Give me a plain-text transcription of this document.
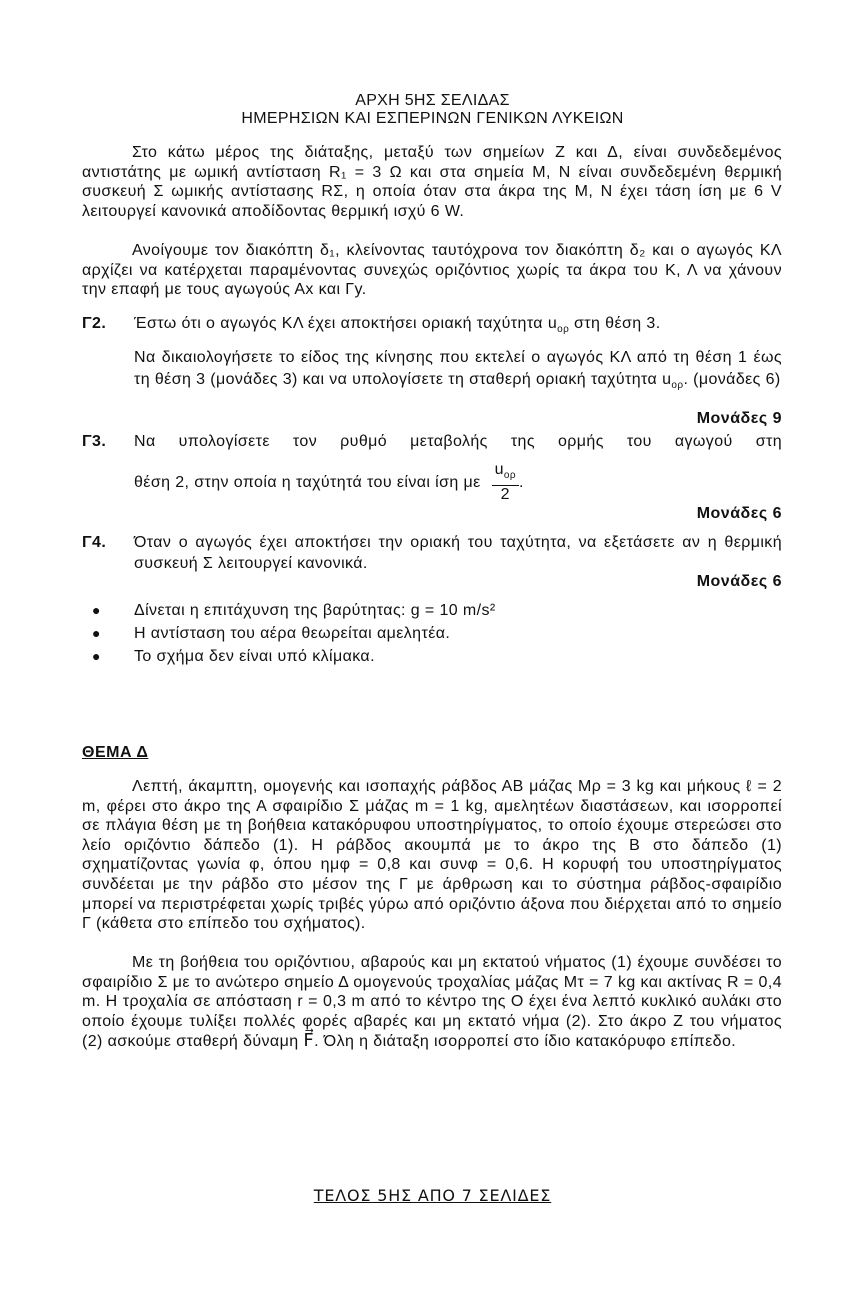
ΑΡΧΗ 5ΗΣ ΣΕΛΙΔΑΣ
ΗΜΕΡΗΣΙΩΝ ΚΑΙ ΕΣΠΕΡΙΝΩΝ ΓΕΝΙΚΩΝ ΛΥΚΕΙΩΝ
Στο κάτω μέρος της διάταξης, μεταξύ των σημείων Ζ και Δ, είναι συνδεδεμένος αντιστάτης με ωμική αντίσταση R₁ = 3 Ω και στα σημεία Μ, Ν είναι συνδεδεμένη θερμική συσκευή Σ ωμικής αντίστασης RΣ, η οποία όταν στα άκρα της Μ, Ν έχει τάση ίση με 6 V λειτουργεί κανονικά αποδίδοντας θερμική ισχύ 6 W.
Ανοίγουμε τον διακόπτη δ₁, κλείνοντας ταυτόχρονα τον διακόπτη δ₂ και ο αγωγός ΚΛ αρχίζει να κατέρχεται παραμένοντας συνεχώς οριζόντιος χωρίς τα άκρα του Κ, Λ να χάνουν την επαφή με τους αγωγούς Αx και Γy.
Γ2. Έστω ότι ο αγωγός ΚΛ έχει αποκτήσει οριακή ταχύτητα $u_{o\rho}$ στη θέση 3.
Να δικαιολογήσετε το είδος της κίνησης που εκτελεί ο αγωγός ΚΛ από τη θέση 1 έως τη θέση 3 (μονάδες 3) και να υπολογίσετε τη σταθερή οριακή ταχύτητα $u_{o\rho}$. (μονάδες 6)
Μονάδες 9
Γ3. Να υπολογίσετε τον ρυθμό μεταβολής της ορμής του αγωγού στη
θέση 2, στην οποία η ταχύτητά του είναι ίση με $\frac{u_{o\rho}}{2}$ .
Μονάδες 6
Γ4. Όταν ο αγωγός έχει αποκτήσει την οριακή του ταχύτητα, να εξετάσετε αν η θερμική συσκευή Σ λειτουργεί κανονικά.
Μονάδες 6
● Δίνεται η επιτάχυνση της βαρύτητας: g = 10 m/s²
● Η αντίσταση του αέρα θεωρείται αμελητέα.
● Το σχήμα δεν είναι υπό κλίμακα.
ΘΕΜΑ Δ
Λεπτή, άκαμπτη, ομογενής και ισοπαχής ράβδος ΑΒ μάζας Μρ = 3 kg και μήκους ℓ = 2 m, φέρει στο άκρο της Α σφαιρίδιο Σ μάζας m = 1 kg, αμελητέων διαστάσεων, και ισορροπεί σε πλάγια θέση με τη βοήθεια κατακόρυφου υποστηρίγματος, το οποίο έχουμε στερεώσει στο λείο οριζόντιο δάπεδο (1). Η ράβδος ακουμπά με το άκρο της Β στο δάπεδο (1) σχηματίζοντας γωνία φ, όπου ημφ = 0,8 και συνφ = 0,6. Η κορυφή του υποστηρίγματος συνδέεται με την ράβδο στο μέσον της Γ με άρθρωση και το σύστημα ράβδος-σφαιρίδιο μπορεί να περιστρέφεται χωρίς τριβές γύρω από οριζόντιο άξονα που διέρχεται από το σημείο Γ (κάθετα στο επίπεδο του σχήματος).
Με τη βοήθεια του οριζόντιου, αβαρούς και μη εκτατού νήματος (1) έχουμε συνδέσει το σφαιρίδιο Σ με το ανώτερο σημείο Δ ομογενούς τροχαλίας μάζας Μτ = 7 kg και ακτίνας R = 0,4 m. Η τροχαλία σε απόσταση r = 0,3 m από το κέντρο της Ο έχει ένα λεπτό κυκλικό αυλάκι στο οποίο έχουμε τυλίξει πολλές φορές αβαρές και μη εκτατό νήμα (2). Στο άκρο Ζ του νήματος (2) ασκούμε σταθερή δύναμη F⃗. Όλη η διάταξη ισορροπεί στο ίδιο κατακόρυφο επίπεδο.
ΤΕΛΟΣ 5ΗΣ ΑΠΟ 7 ΣΕΛΙΔΕΣ
